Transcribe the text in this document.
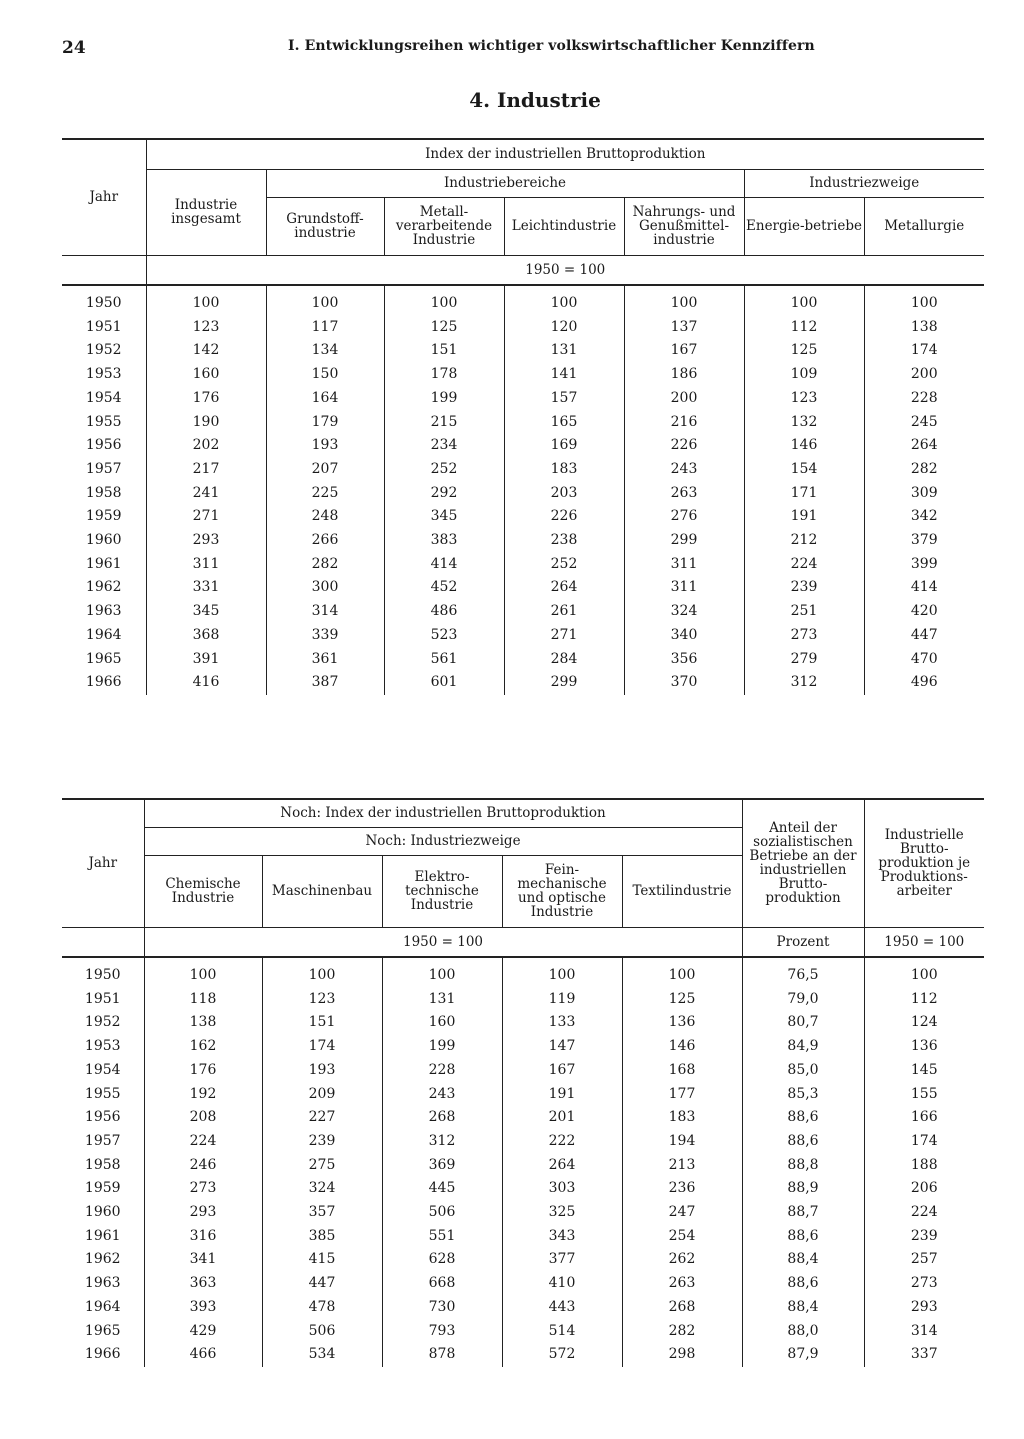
24	I. Entwicklungsreihen wichtiger volkswirtschaftlicher Kennziffern
4. Industrie
Jahr	Index der industriellen Bruttoproduktion						
	Industrie insgesamt	Industriebereiche				Industriezweige	
		Grundstoff-industrie	Metall-verarbeitende Industrie	Leichtindustrie	Nahrungs- und Genußmittel-industrie	Energie-betriebe	Metallurgie
	1950 = 100						
1950	100	100	100	100	100	100	100
1951	123	117	125	120	137	112	138
1952	142	134	151	131	167	125	174
1953	160	150	178	141	186	109	200
1954	176	164	199	157	200	123	228
1955	190	179	215	165	216	132	245
1956	202	193	234	169	226	146	264
1957	217	207	252	183	243	154	282
1958	241	225	292	203	263	171	309
1959	271	248	345	226	276	191	342
1960	293	266	383	238	299	212	379
1961	311	282	414	252	311	224	399
1962	331	300	452	264	311	239	414
1963	345	314	486	261	324	251	420
1964	368	339	523	271	340	273	447
1965	391	361	561	284	356	279	470
1966	416	387	601	299	370	312	496
Jahr	Noch: Index der industriellen Bruttoproduktion					Anteil der sozialistischen Betriebe an der industriellen Brutto-produktion	Industrielle Brutto-produktion je Produktions-arbeiter
	Noch: Industriezweige						
	Chemische Industrie	Maschinenbau	Elektro-technische Industrie	Fein-mechanische und optische Industrie	Textilindustrie		
	1950 = 100					Prozent	1950 = 100
1950	100	100	100	100	100	76,5	100
1951	118	123	131	119	125	79,0	112
1952	138	151	160	133	136	80,7	124
1953	162	174	199	147	146	84,9	136
1954	176	193	228	167	168	85,0	145
1955	192	209	243	191	177	85,3	155
1956	208	227	268	201	183	88,6	166
1957	224	239	312	222	194	88,6	174
1958	246	275	369	264	213	88,8	188
1959	273	324	445	303	236	88,9	206
1960	293	357	506	325	247	88,7	224
1961	316	385	551	343	254	88,6	239
1962	341	415	628	377	262	88,4	257
1963	363	447	668	410	263	88,6	273
1964	393	478	730	443	268	88,4	293
1965	429	506	793	514	282	88,0	314
1966	466	534	878	572	298	87,9	337
